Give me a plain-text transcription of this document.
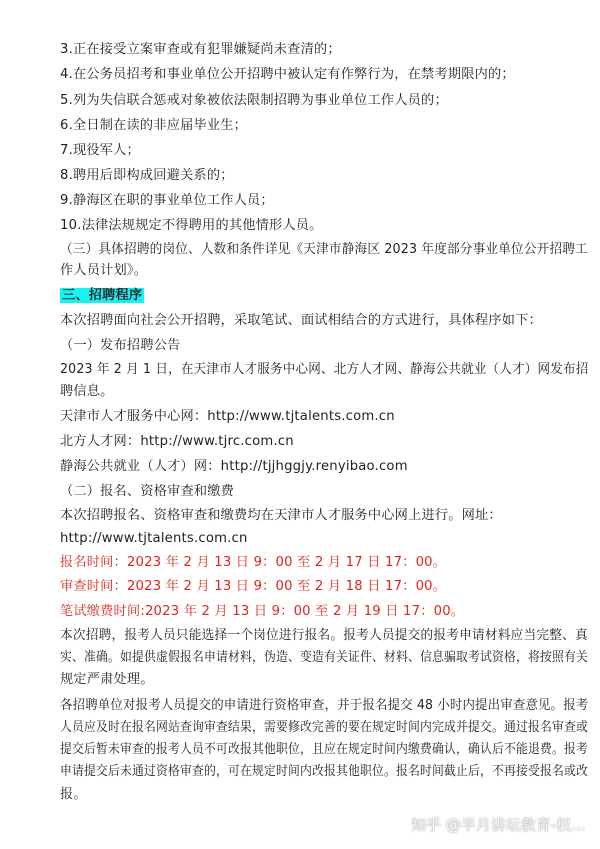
3.正在接受立案审查或有犯罪嫌疑尚未查清的；
4.在公务员招考和事业单位公开招聘中被认定有作弊行为，在禁考期限内的；
5.列为失信联合惩戒对象被依法限制招聘为事业单位工作人员的；
6.全日制在读的非应届毕业生；
7.现役军人；
8.聘用后即构成回避关系的；
9.静海区在职的事业单位工作人员；
10.法律法规规定不得聘用的其他情形人员。
（三）具体招聘的岗位、人数和条件详见《天津市静海区 2023 年度部分事业单位公开招聘工
作人员计划》。
三、招聘程序
本次招聘面向社会公开招聘，采取笔试、面试相结合的方式进行，具体程序如下：
（一）发布招聘公告
2023 年 2 月 1 日，在天津市人才服务中心网、北方人才网、静海公共就业（人才）网发布招
聘信息。
天津市人才服务中心网：http://www.tjtalents.com.cn
北方人才网：http://www.tjrc.com.cn
静海公共就业（人才）网：http://tjjhggjy.renyibao.com
（二）报名、资格审查和缴费
本次招聘报名、资格审查和缴费均在天津市人才服务中心网上进行。网址：
http://www.tjtalents.com.cn
报名时间：2023 年 2 月 13 日 9：00 至 2 月 17 日 17：00。
审查时间：2023 年 2 月 13 日 9：00 至 2 月 18 日 17：00。
笔试缴费时间:2023 年 2 月 13 日 9：00 至 2 月 19 日 17：00。
本次招聘，报考人员只能选择一个岗位进行报名。报考人员提交的报考申请材料应当完整、真
实、准确。如提供虚假报名申请材料，伪造、变造有关证件、材料、信息骗取考试资格，将按照有关
规定严肃处理。
各招聘单位对报考人员提交的申请进行资格审查，并于报名提交 48 小时内提出审查意见。报考
人员应及时在报名网站查询审查结果，需要修改完善的要在规定时间内完成并提交。通过报名审查或
提交后暂未审查的报考人员不可改报其他职位，且应在规定时间内缴费确认，确认后不能退费。报考
申请提交后未通过资格审查的，可在规定时间内改报其他职位。报名时间截止后，不再接受报名或改
报。
知乎 @半月讲坛教育-权...
